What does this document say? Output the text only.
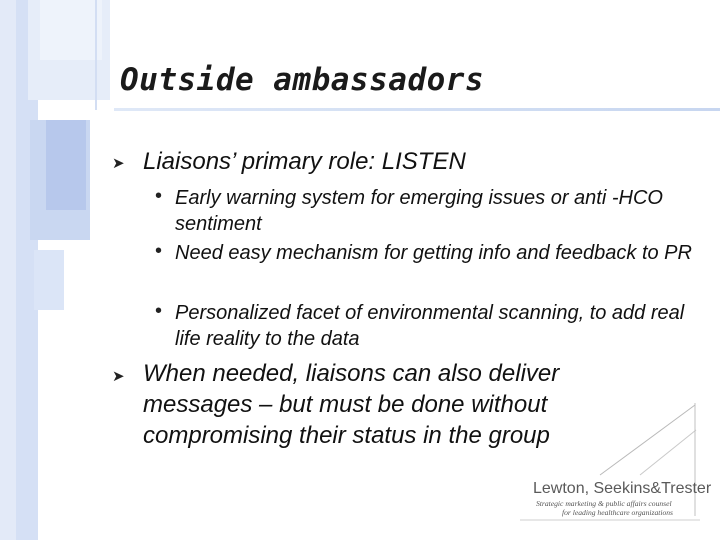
Outside ambassadors
➤ Liaisons’ primary role: LISTEN
• Early warning system for emerging issues or anti -HCO sentiment
• Need easy mechanism for getting info and feedback to PR
• Personalized facet of environmental scanning, to add real life reality to the data
➤ When needed, liaisons can also deliver messages – but must be done without compromising their status in the group
Lewton, Seekins&Trester
Strategic marketing & public affairs counsel
for leading healthcare organizations
